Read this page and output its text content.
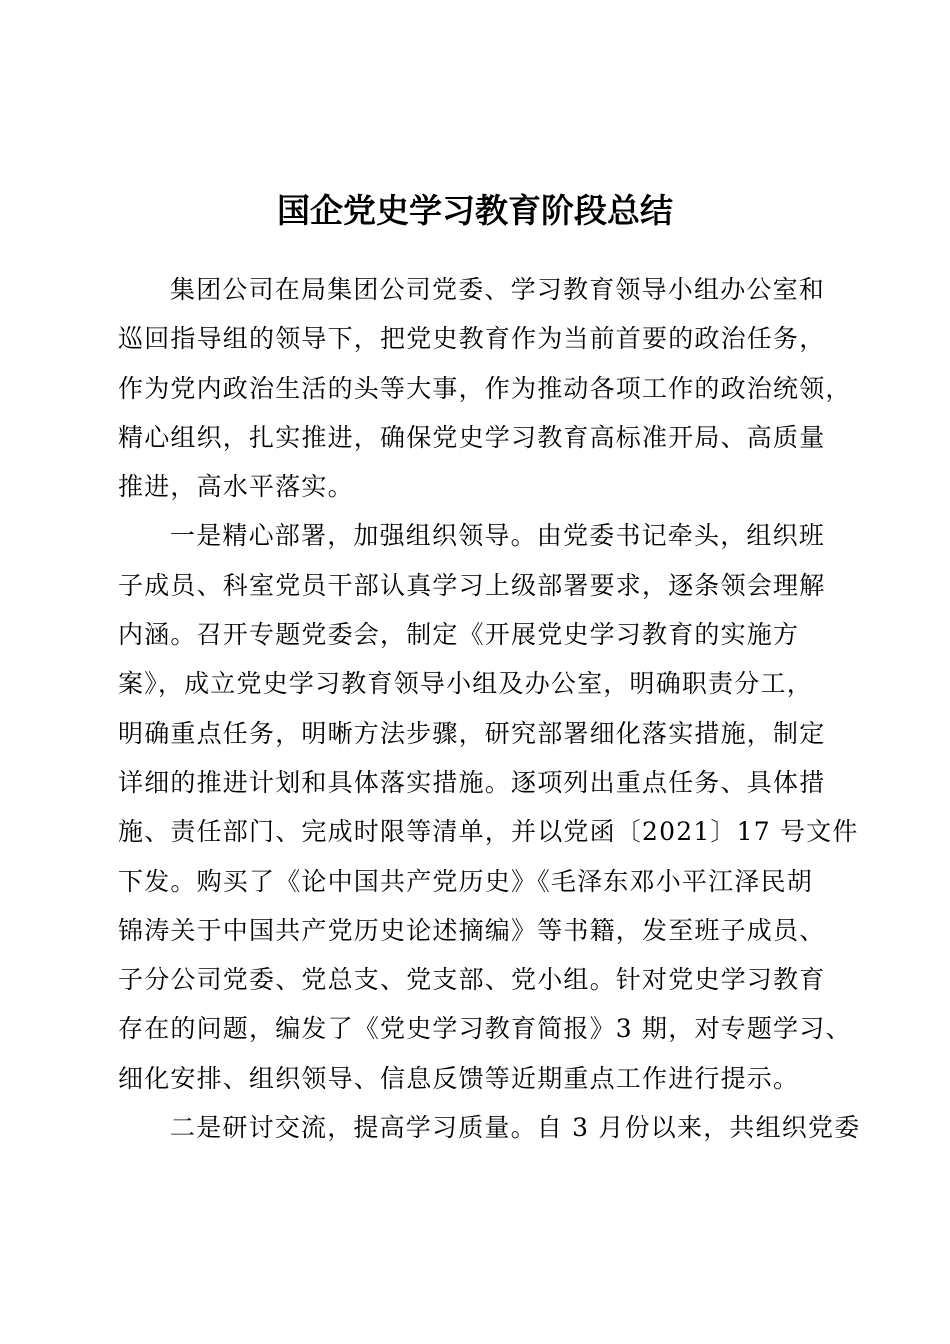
国企党史学习教育阶段总结
集团公司在局集团公司党委、学习教育领导小组办公室和
巡回指导组的领导下，把党史教育作为当前首要的政治任务，
作为党内政治生活的头等大事，作为推动各项工作的政治统领，
精心组织，扎实推进，确保党史学习教育高标准开局、高质量
推进，高水平落实。
一是精心部署，加强组织领导。由党委书记牵头，组织班
子成员、科室党员干部认真学习上级部署要求，逐条领会理解
内涵。召开专题党委会，制定《开展党史学习教育的实施方
案》，成立党史学习教育领导小组及办公室，明确职责分工，
明确重点任务，明晰方法步骤，研究部署细化落实措施，制定
详细的推进计划和具体落实措施。逐项列出重点任务、具体措
施、责任部门、完成时限等清单，并以党函〔2021〕17 号文件
下发。购买了《论中国共产党历史》《毛泽东邓小平江泽民胡
锦涛关于中国共产党历史论述摘编》等书籍，发至班子成员、
子分公司党委、党总支、党支部、党小组。针对党史学习教育
存在的问题，编发了《党史学习教育简报》3 期，对专题学习、
细化安排、组织领导、信息反馈等近期重点工作进行提示。
二是研讨交流，提高学习质量。自 3 月份以来，共组织党委
